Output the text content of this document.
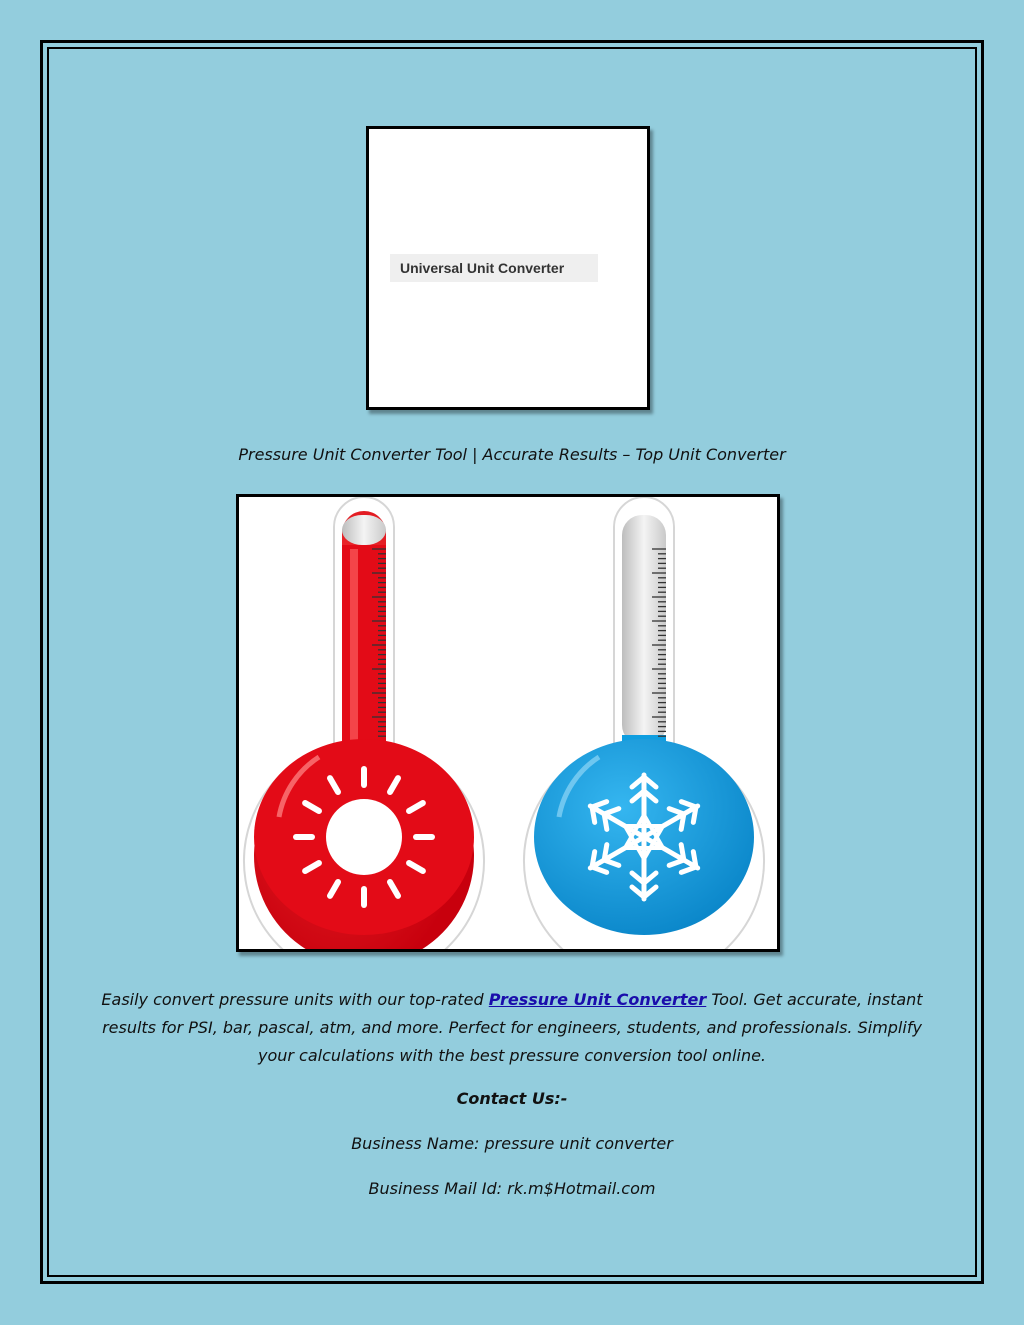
Universal Unit Converter
Pressure Unit Converter Tool | Accurate Results – Top Unit Converter
Easily convert pressure units with our top-rated Pressure Unit Converter Tool. Get accurate, instant results for PSI, bar, pascal, atm, and more. Perfect for engineers, students, and professionals. Simplify your calculations with the best pressure conversion tool online.
Contact Us:-
Business Name: pressure unit converter
Business Mail Id: rk.m$Hotmail.com
